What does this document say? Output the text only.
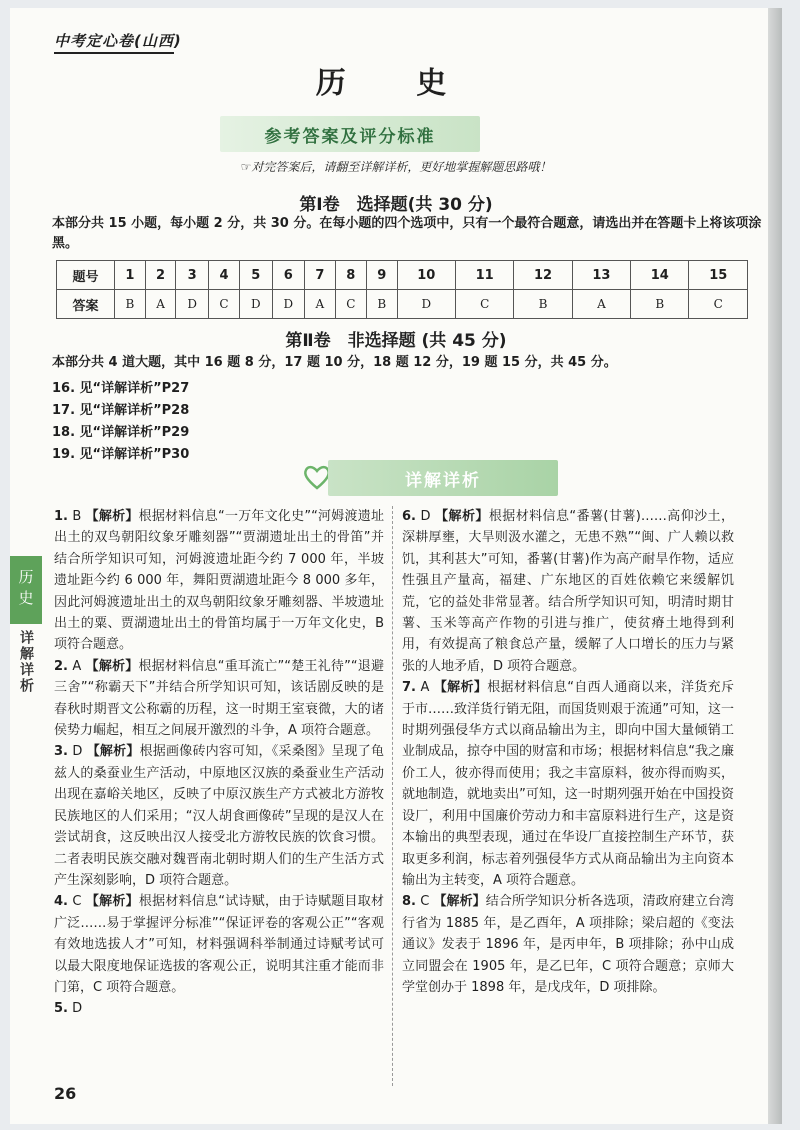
中考定心卷(山西)
历 史
参考答案及评分标准
☞对完答案后，请翻至详解详析，更好地掌握解题思路哦！
第Ⅰ卷　选择题(共 30 分)
本部分共 15 小题，每小题 2 分，共 30 分。在每小题的四个选项中，只有一个最符合题意，请选出并在答题卡上将该项涂黑。
题号	1	2	3	4	5	6	7	8	9	10	11	12	13	14	15
答案	B	A	D	C	D	D	A	C	B	D	C	B	A	B	C
第Ⅱ卷　非选择题 (共 45 分)
本部分共 4 道大题，其中 16 题 8 分，17 题 10 分，18 题 12 分，19 题 15 分，共 45 分。
16. 见“详解详析”P27
17. 见“详解详析”P28
18. 见“详解详析”P29
19. 见“详解详析”P30
详解详析
历史
详解详析

1. B 【解析】根据材料信息“一万年文化史”“河姆渡遗址出土的双鸟朝阳纹象牙雕刻器”“贾湖遗址出土的骨笛”并结合所学知识可知，河姆渡遗址距今约 7 000 年，半坡遗址距今约 6 000 年，舞阳贾湖遗址距今 8 000 多年，因此河姆渡遗址出土的双鸟朝阳纹象牙雕刻器、半坡遗址出土的粟、贾湖遗址出土的骨笛均属于一万年文化史，B 项符合题意。

2. A 【解析】根据材料信息“重耳流亡”“楚王礼待”“退避三舍”“称霸天下”并结合所学知识可知，该话剧反映的是春秋时期晋文公称霸的历程，这一时期王室衰微，大的诸侯势力崛起，相互之间展开激烈的斗争，A 项符合题意。

3. D 【解析】根据画像砖内容可知，《采桑图》呈现了龟兹人的桑蚕业生产活动，中原地区汉族的桑蚕业生产活动出现在嘉峪关地区，反映了中原汉族生产方式被北方游牧民族地区的人们采用；“汉人胡食画像砖”呈现的是汉人在尝试胡食，这反映出汉人接受北方游牧民族的饮食习惯。二者表明民族交融对魏晋南北朝时期人们的生产生活方式产生深刻影响，D 项符合题意。

4. C 【解析】根据材料信息“试诗赋，由于诗赋题目取材广泛……易于掌握评分标准”“保证评卷的客观公正”“客观有效地选拔人才”可知，材料强调科举制通过诗赋考试可以最大限度地保证选拔的客观公正，说明其注重才能而非门第，C 项符合题意。

5. D

6. D 【解析】根据材料信息“番薯(甘薯)……高仰沙土，深耕厚壅，大旱则汲水灌之，无患不熟”“闽、广人赖以救饥，其利甚大”可知，番薯(甘薯)作为高产耐旱作物，适应性强且产量高，福建、广东地区的百姓依赖它来缓解饥荒，它的益处非常显著。结合所学知识可知，明清时期甘薯、玉米等高产作物的引进与推广，使贫瘠土地得到利用，有效提高了粮食总产量，缓解了人口增长的压力与紧张的人地矛盾，D 项符合题意。

7. A 【解析】根据材料信息“自西人通商以来，洋货充斥于市……致洋货行销无阻，而国货则艰于流通”可知，这一时期列强侵华方式以商品输出为主，即向中国大量倾销工业制成品，掠夺中国的财富和市场；根据材料信息“我之廉价工人，彼亦得而使用；我之丰富原料，彼亦得而购买，就地制造，就地卖出”可知，这一时期列强开始在中国投资设厂，利用中国廉价劳动力和丰富原料进行生产，这是资本输出的典型表现，通过在华设厂直接控制生产环节，获取更多利润，标志着列强侵华方式从商品输出为主向资本输出为主转变，A 项符合题意。

8. C 【解析】结合所学知识分析各选项，清政府建立台湾行省为 1885 年，是乙酉年，A 项排除；梁启超的《变法通议》发表于 1896 年，是丙申年，B 项排除；孙中山成立同盟会在 1905 年，是乙巳年，C 项符合题意；京师大学堂创办于 1898 年，是戊戌年，D 项排除。

26
